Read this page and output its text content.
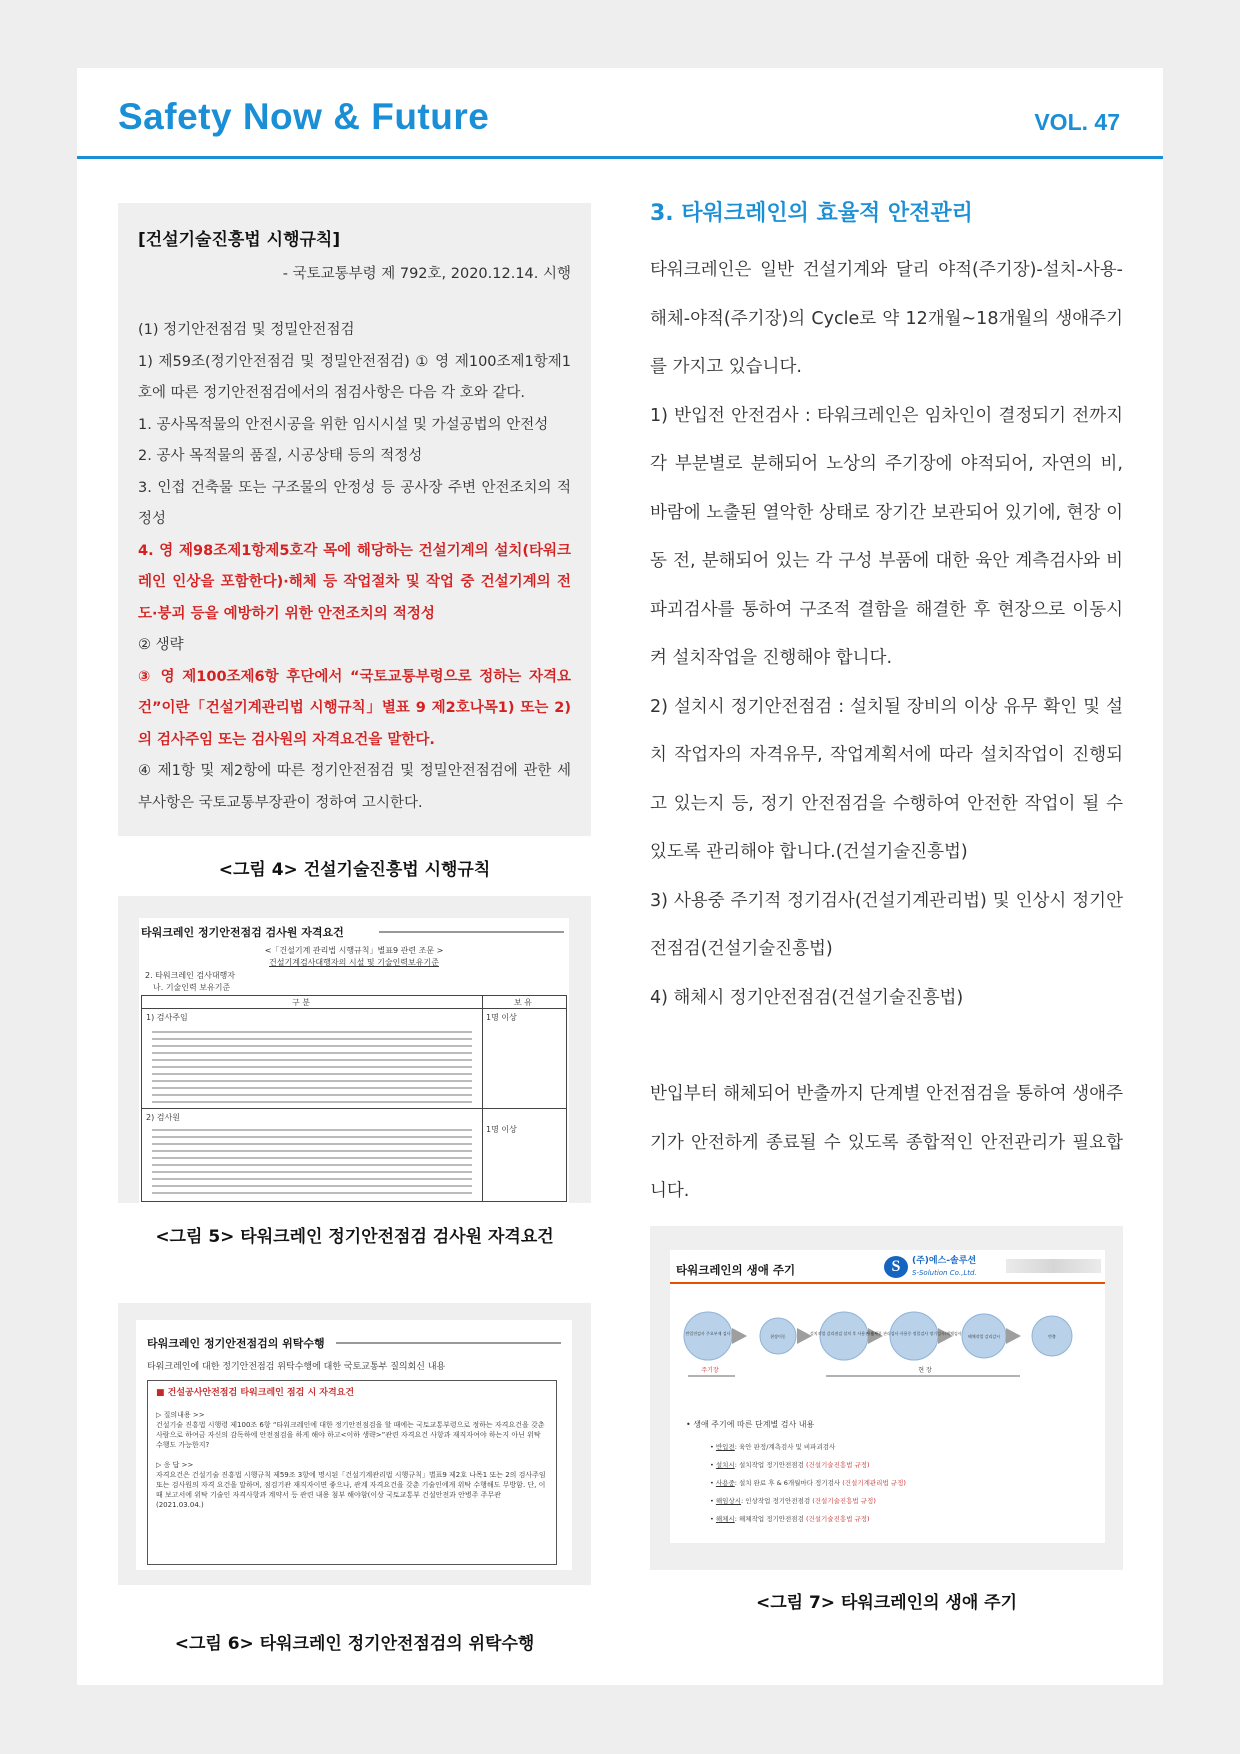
Safety Now & Future	VOL. 47
[건설기술진흥법 시행규칙]
- 국토교통부령 제 792호, 2020.12.14. 시행

(1) 정기안전점검 및 정밀안전점검

1) 제59조(정기안전점검 및 정밀안전점검) ① 영 제100조제1항제1호에 따른 정기안전점검에서의 점검사항은 다음 각 호와 같다.

1. 공사목적물의 안전시공을 위한 임시시설 및 가설공법의 안전성

2. 공사 목적물의 품질, 시공상태 등의 적정성

3. 인접 건축물 또는 구조물의 안정성 등 공사장 주변 안전조치의 적정성

4. 영 제98조제1항제5호각 목에 해당하는 건설기계의 설치(타워크레인 인상을 포함한다)·해체 등 작업절차 및 작업 중 건설기계의 전도·붕괴 등을 예방하기 위한 안전조치의 적정성

② 생략

③ 영 제100조제6항 후단에서 “국토교통부령으로 정하는 자격요건”이란「건설기계관리법 시행규칙」별표 9 제2호나목1) 또는 2)의 검사주임 또는 검사원의 자격요건을 말한다.

④ 제1항 및 제2항에 따른 정기안전점검 및 정밀안전점검에 관한 세부사항은 국토교통부장관이 정하여 고시한다.

<그림 4> 건설기술진흥법 시행규칙
타워크레인 정기안전점검 검사원 자격요건
<「건설기계 관리법 시행규칙」별표9 관련 조문 >
건설기계검사대행자의 시설 및 기술인력보유기준
2. 타워크레인 검사대행자
나. 기술인력 보유기준
구 분	보 유
1) 검사주임	1명 이상
2) 검사원
1명 이상
<그림 5> 타워크레인 정기안전점검 검사원 자격요건
타워크레인 정기안전점검의 위탁수행
타워크레인에 대한 정기안전점검 위탁수행에 대한 국토교통부 질의회신 내용
■ 건설공사안전점검 타워크레인 점검 시 자격요건
▷ 질의내용 >>
건설기술 진흥법 시행령 제100조 6항 “타워크레인에 대한 정기안전점검을 할 때에는 국토교통부령으로 정하는 자격요건을 갖춘 사람으로 하여금 자신의 감독하에 안전점검을 하게 해야 하고<이하 생략>”관련 자격요건 사항과 재직자여야 하는지 아닌 위탁 수행도 가능한지?
▷ 응 답 >>
자격요건은 건설기술 진흥법 시행규칙 제59조 3항에 명시된「건설기계관리법 시행규칙」별표9 제2호 나목1 또는 2의 검사주임 또는 검사원의 자격 요건을 말하며, 점검기관 재직자이면 좋으나, 관계 자격요건을 갖춘 기술인에게 위탁 수행해도 무방함. 단, 이때 보고서에 위탁 기술인 자격사항과 계약서 등 관련 내용 첨부 해야함(이상 국토교통부 건설안전과 안병주 주무관(2021.03.04.)
<그림 6> 타워크레인 정기안전점검의 위탁수행
3. 타워크레인의 효율적 안전관리

타워크레인은 일반 건설기계와 달리 야적(주기장)-설치-사용-해체-야적(주기장)의 Cycle로 약 12개월~18개월의 생애주기를 가지고 있습니다.

1) 반입전 안전검사 : 타워크레인은 임차인이 결정되기 전까지 각 부분별로 분해되어 노상의 주기장에 야적되어, 자연의 비, 바람에 노출된 열악한 상태로 장기간 보관되어 있기에, 현장 이동 전, 분해되어 있는 각 구성 부품에 대한 육안 계측검사와 비파괴검사를 통하여 구조적 결함을 해결한 후 현장으로 이동시켜 설치작업을 진행해야 합니다.

2) 설치시 정기안전점검 : 설치될 장비의 이상 유무 확인 및 설치 작업자의 자격유무, 작업계획서에 따라 설치작업이 진행되고 있는지 등, 정기 안전점검을 수행하여 안전한 작업이 될 수 있도록 관리해야 합니다.(건설기술진흥법)

3) 사용중 주기적 정기검사(건설기계관리법) 및 인상시 정기안전점검(건설기술진흥법)

4) 해체시 정기안전점검(건설기술진흥법)

반입부터 해체되어 반출까지 단계별 안전점검을 통하여 생애주기가 안전하게 종료될 수 있도록 종합적인 안전관리가 필요합니다.

타워크레인의 생애 주기	S	(주)에스-솔루션
S-Solution Co.,Ltd.
반입전검사 주요부재 검사
현장이동
설치작업 감리점검 설치 후 사용전 검사
사용부품 관리검사 사용중 정밀검사 정기검사/해체검사
해체작업 감리감시	반출
주기장	현 장
• 생애 주기에 따른 단계별 검사 내용
• 반입전: 육안 판정/계측검사 및 비파괴검사
• 설치시: 설치작업 정기안전점검 (건설기술진흥법 규정)
• 사용중: 설치 완료 후 & 6개월마다 정기검사 (건설기계관리법 규정)
• 해임상시: 인상작업 정기안전점검 (건설기술진흥법 규정)
• 해체시: 해체작업 정기안전점검 (건설기술진흥법 규정)
<그림 7> 타워크레인의 생애 주기
